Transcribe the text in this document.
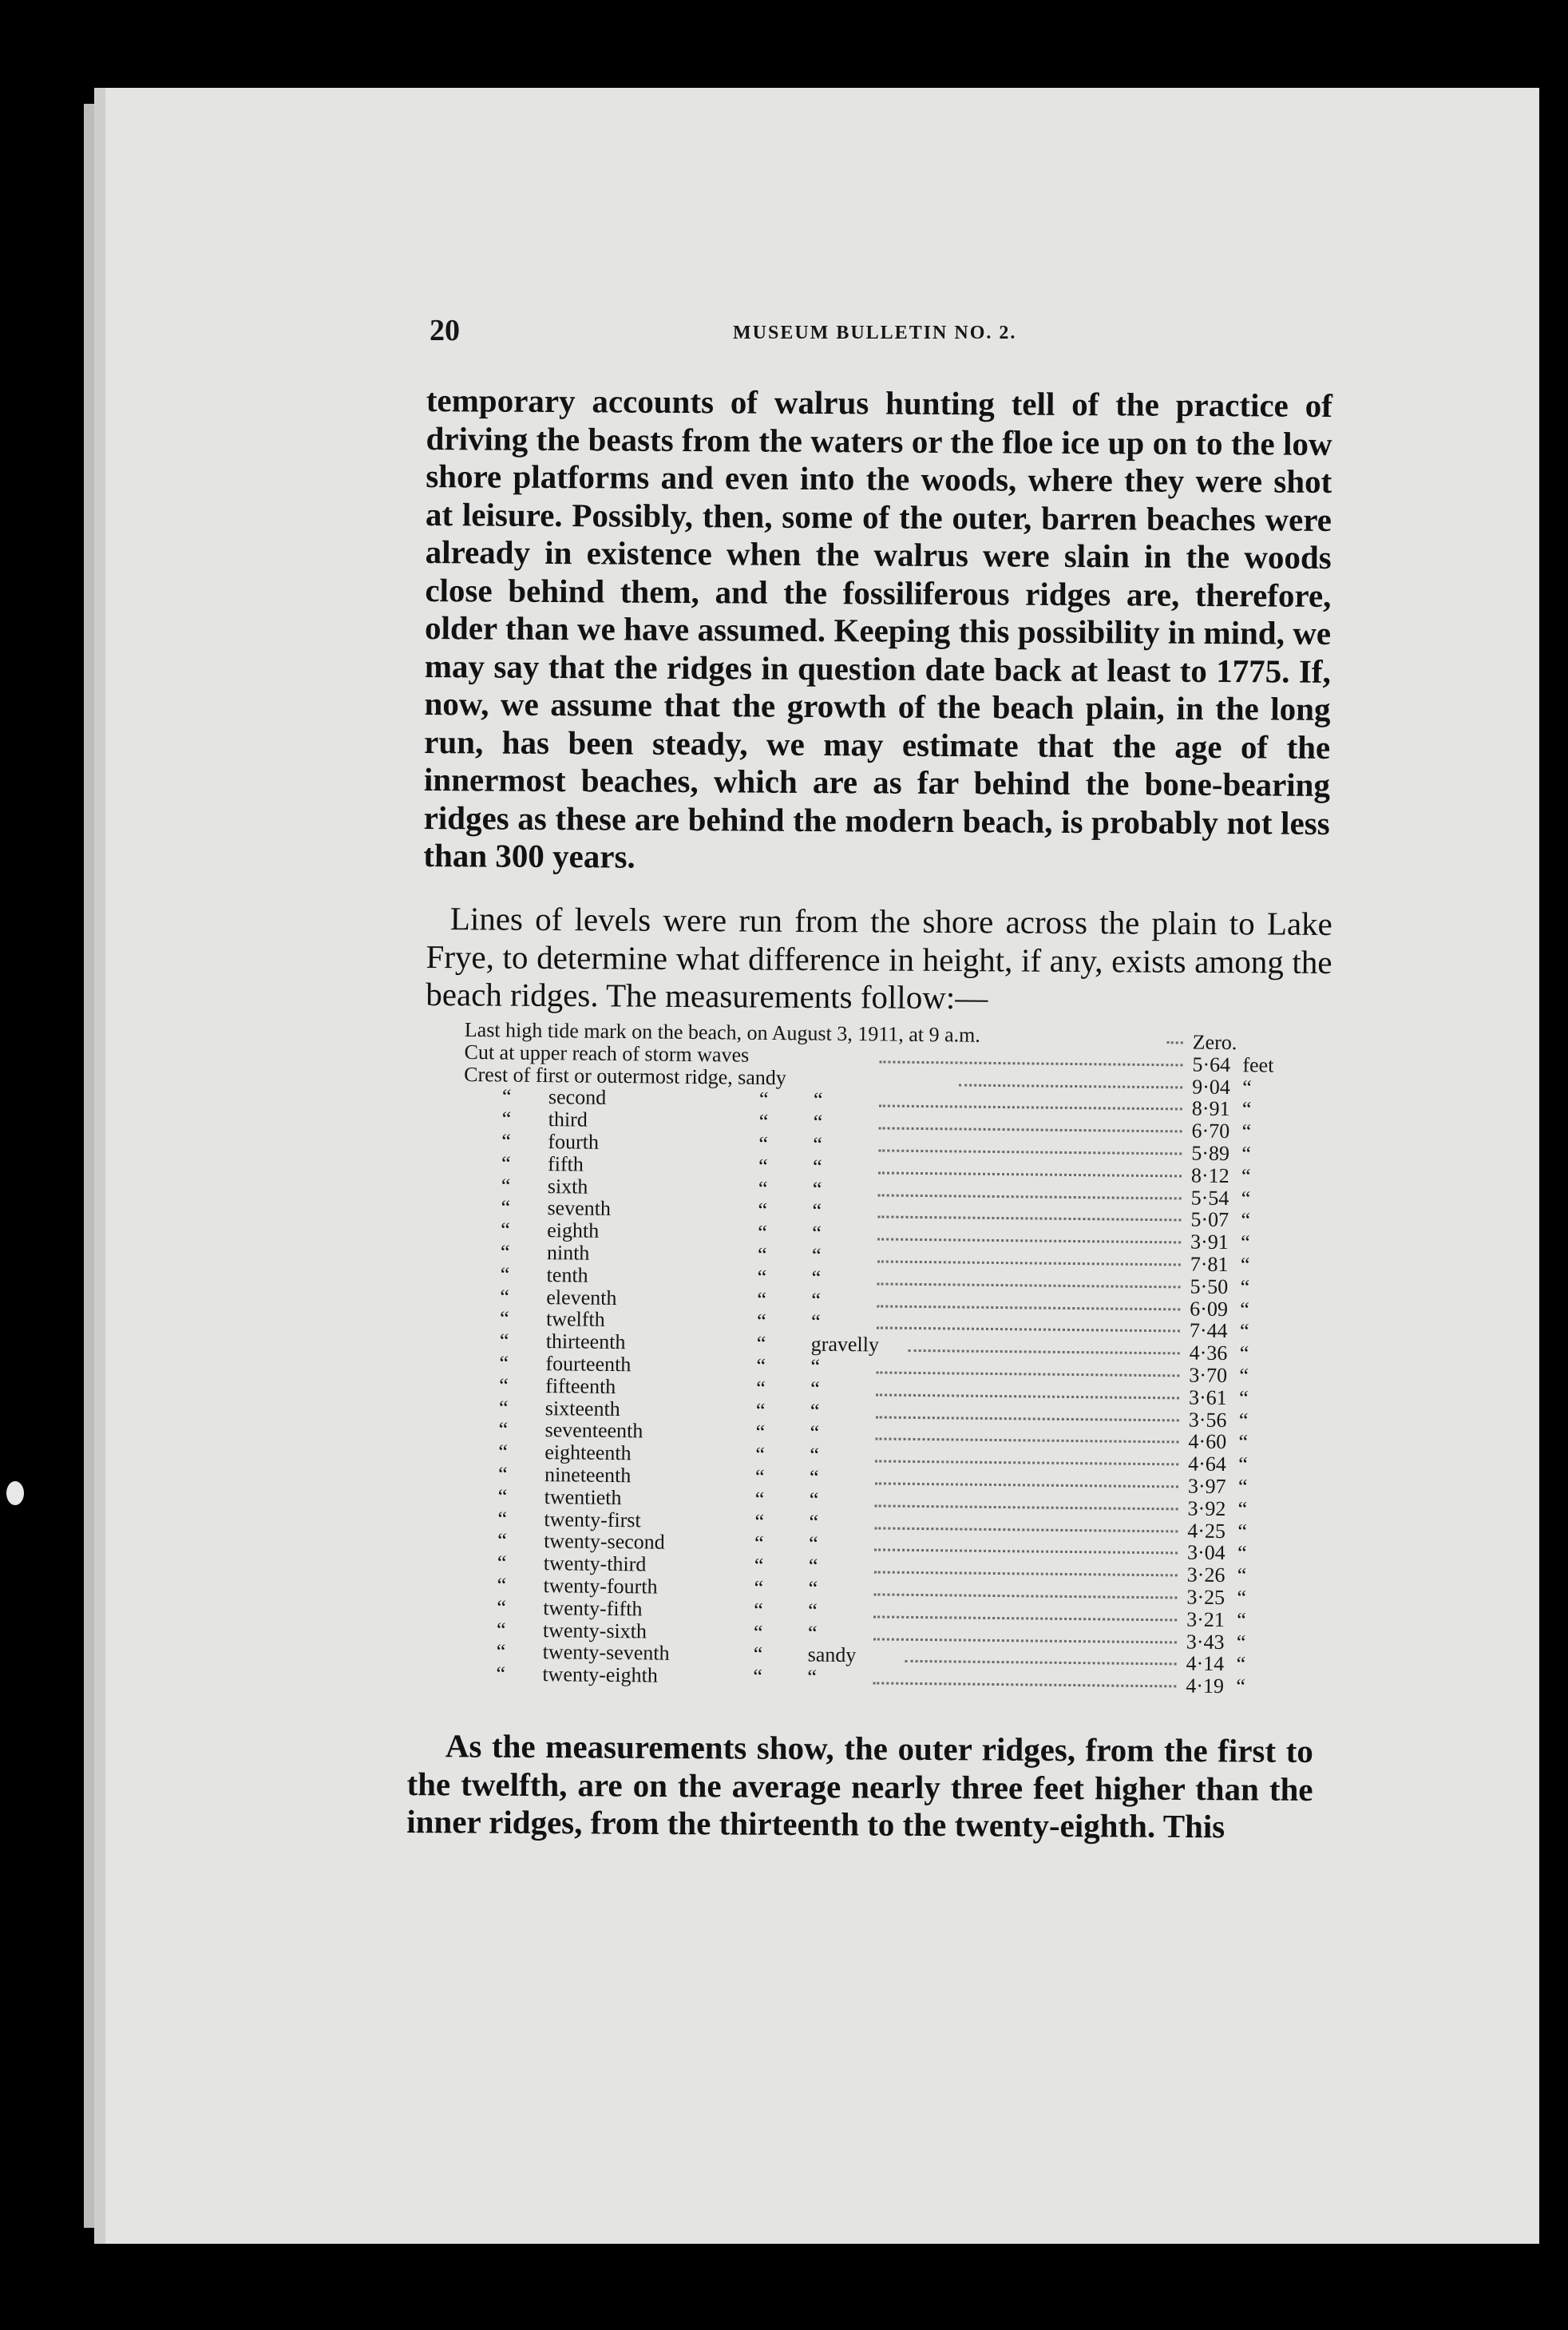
20	MUSEUM BULLETIN NO. 2.

temporary accounts of walrus hunting tell of the practice of driving the beasts from the waters or the floe ice up on to the low shore platforms and even into the woods, where they were shot at leisure. Possibly, then, some of the outer, barren beaches were already in existence when the walrus were slain in the woods close behind them, and the fossiliferous ridges are, therefore, older than we have assumed. Keeping this possibility in mind, we may say that the ridges in question date back at least to 1775. If, now, we assume that the growth of the beach plain, in the long run, has been steady, we may estimate that the age of the innermost beaches, which are as far behind the bone-bearing ridges as these are behind the modern beach, is probably not less than 300 years.

Lines of levels were run from the shore across the plain to Lake Frye, to determine what difference in height, if any, exists among the beach ridges. The measurements follow:—

Last high tide mark on the beach, on August 3, 1911, at 9 a.m.	Zero.
Cut at upper reach of storm waves	5·64 feet
Crest of first or outermost ridge, sandy	9·04 “
“ second	“ “	8·91 “
“ third	“ “	6·70 “
“ fourth	“ “	5·89 “
“ fifth	“ “	8·12 “
“ sixth	“ “	5·54 “
“ seventh	“ “	5·07 “
“ eighth	“ “	3·91 “
“ ninth	“ “	7·81 “
“ tenth	“ “	5·50 “
“ eleventh	“ “	6·09 “
“ twelfth	“ “	7·44 “
“ thirteenth	“ gravelly	4·36 “
“ fourteenth	“ “	3·70 “
“ fifteenth	“ “	3·61 “
“ sixteenth	“ “	3·56 “
“ seventeenth	“ “	4·60 “
“ eighteenth	“ “	4·64 “
“ nineteenth	“ “	3·97 “
“ twentieth	“ “	3·92 “
“ twenty-first	“ “	4·25 “
“ twenty-second	“ “	3·04 “
“ twenty-third	“ “	3·26 “
“ twenty-fourth	“ “	3·25 “
“ twenty-fifth	“ “	3·21 “
“ twenty-sixth	“ “	3·43 “
“ twenty-seventh	“ sandy	4·14 “
“ twenty-eighth	“ “	4·19 “

As the measurements show, the outer ridges, from the first to the twelfth, are on the average nearly three feet higher than the inner ridges, from the thirteenth to the twenty-eighth. This
